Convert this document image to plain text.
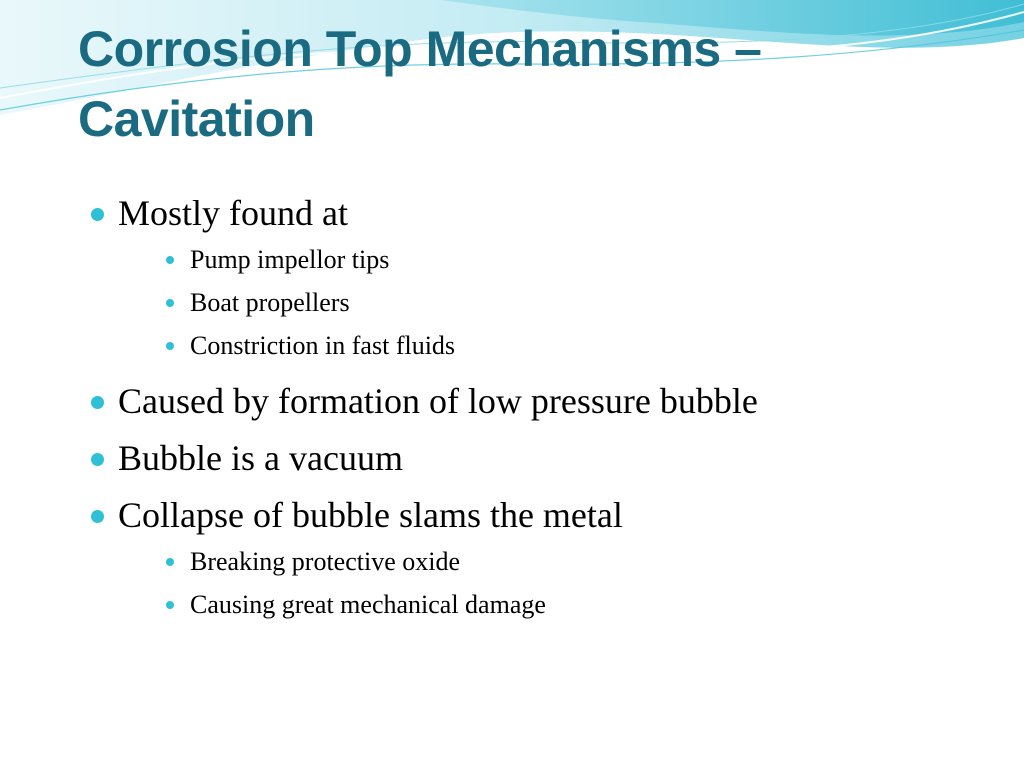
Corrosion Top Mechanisms –
Cavitation
Mostly found at
Pump impellor tips
Boat propellers
Constriction in fast fluids
Caused by formation of low pressure bubble
Bubble is a vacuum
Collapse of bubble slams the metal
Breaking protective oxide
Causing great mechanical damage
